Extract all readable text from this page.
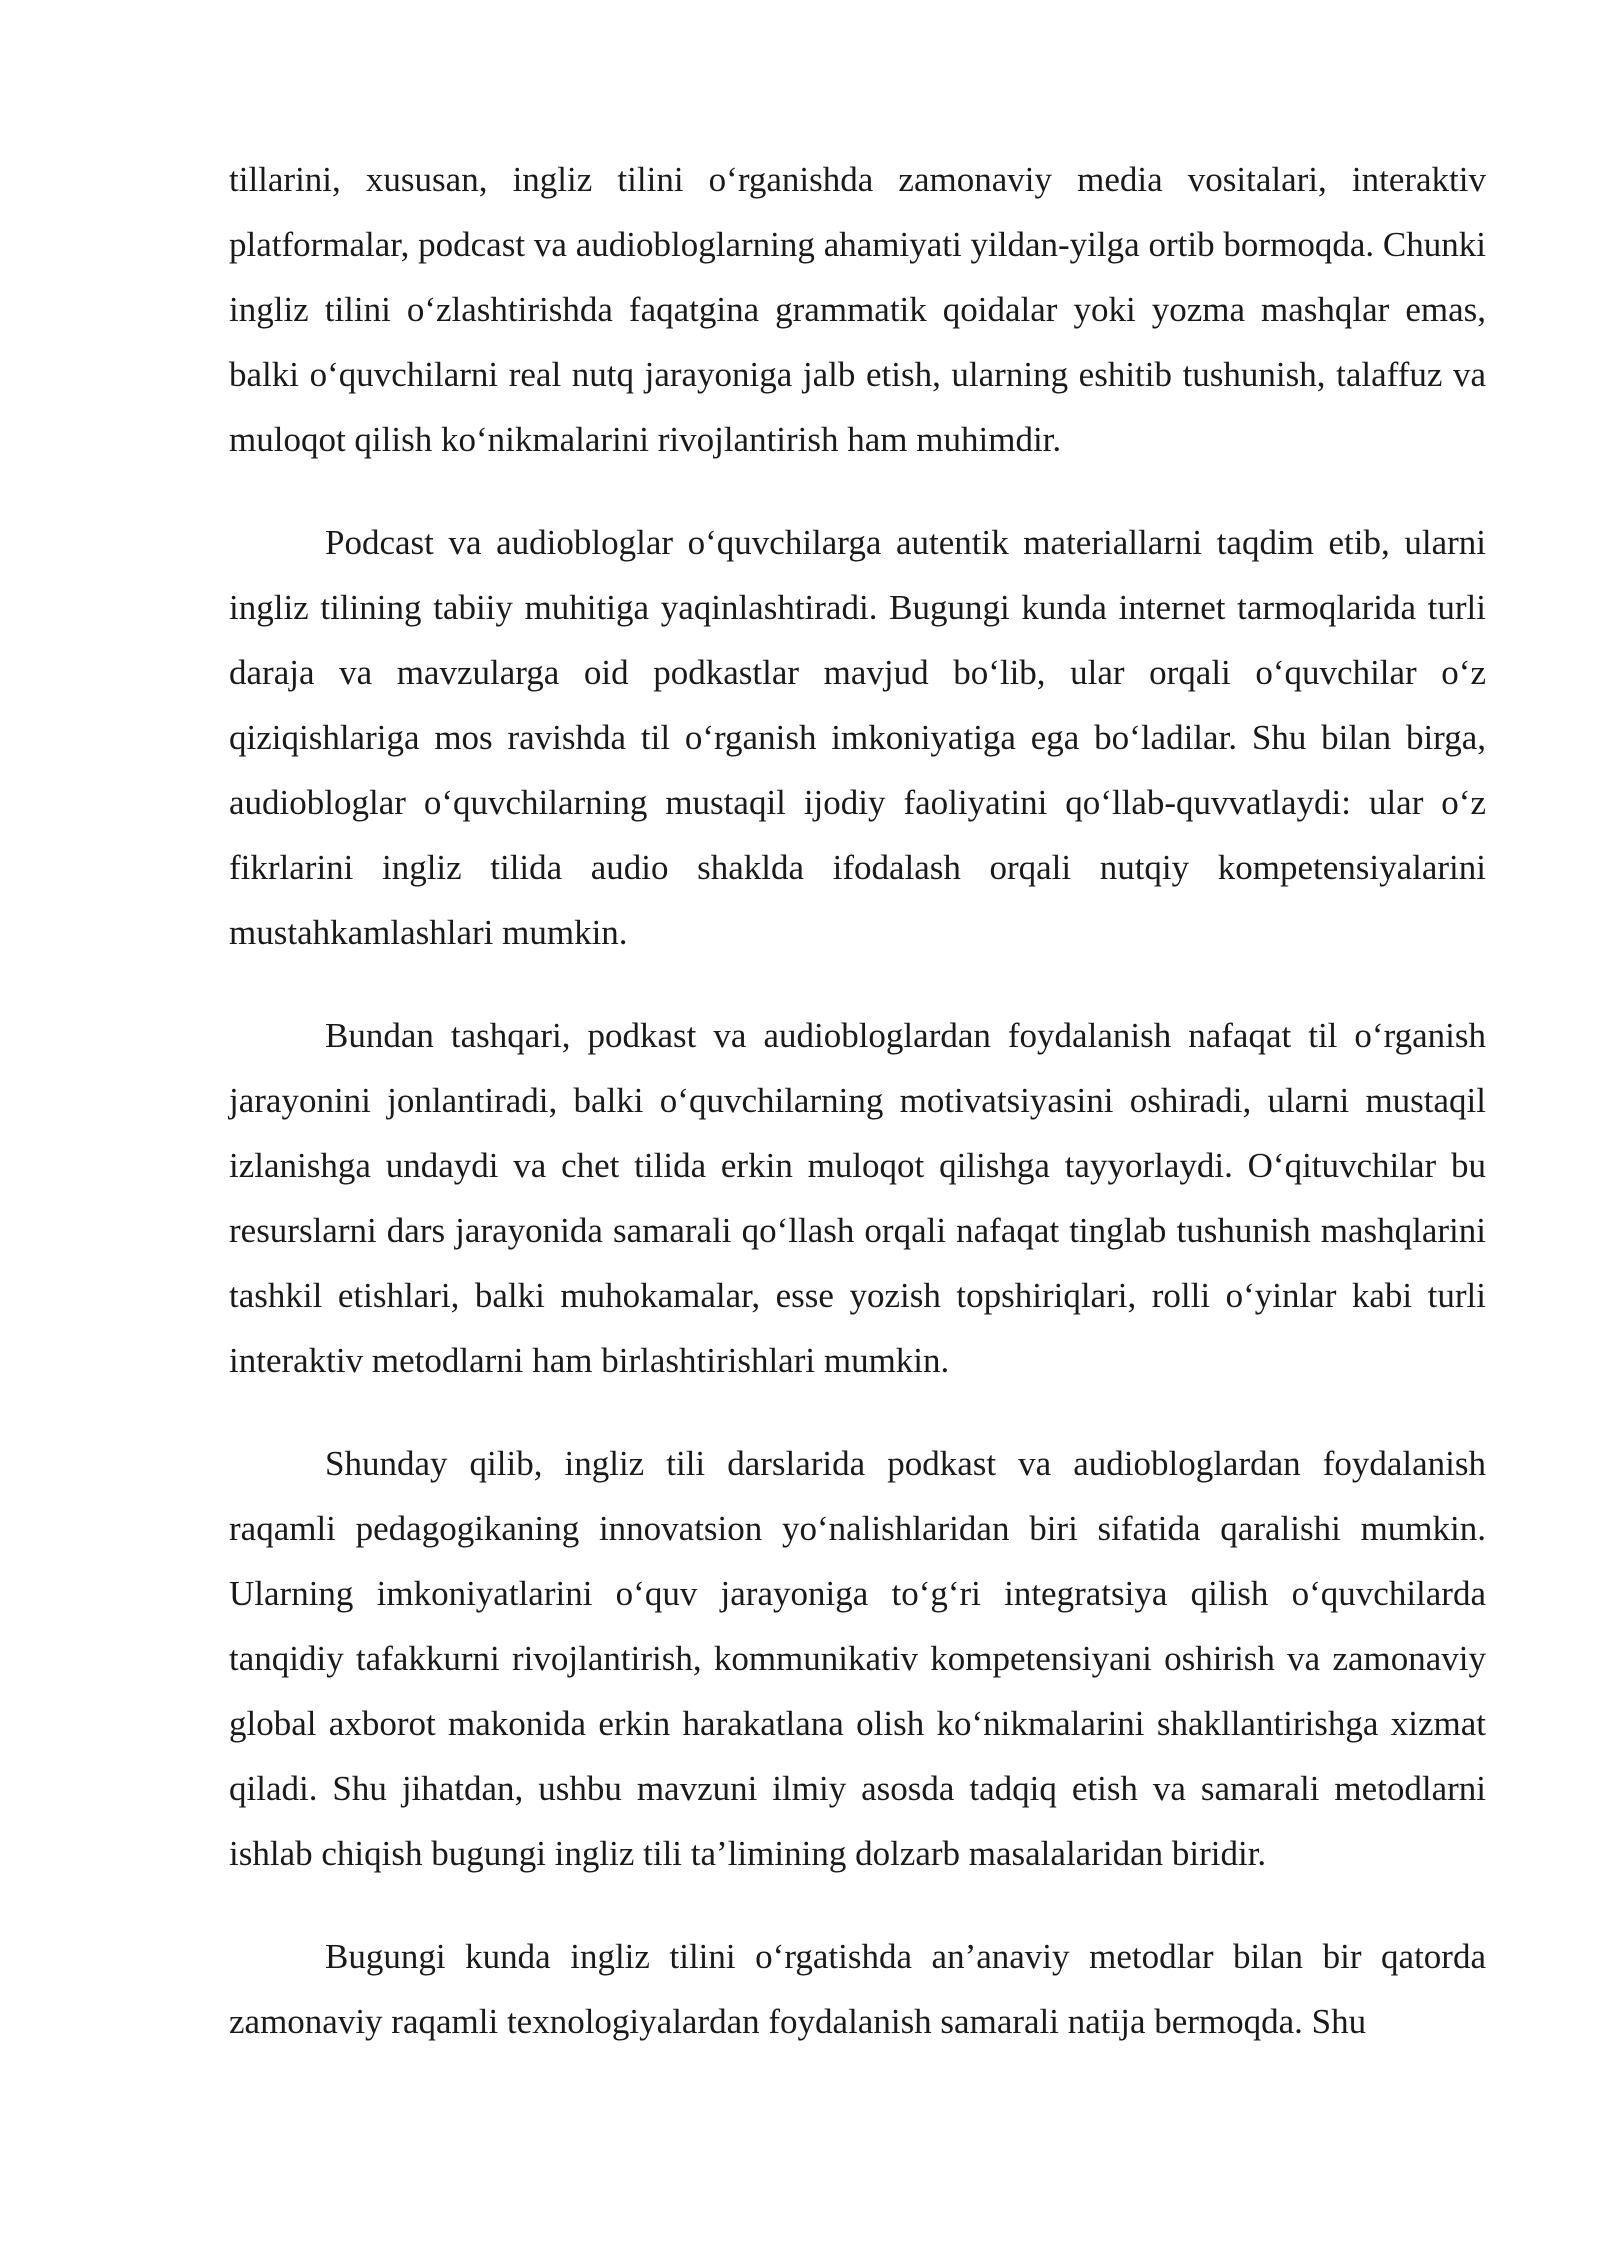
tillarini, xususan, ingliz tilini o‘rganishda zamonaviy media vositalari, interaktiv platformalar, podcast va audiobloglarning ahamiyati yildan-yilga ortib bormoqda. Chunki ingliz tilini o‘zlashtirishda faqatgina grammatik qoidalar yoki yozma mashqlar emas, balki o‘quvchilarni real nutq jarayoniga jalb etish, ularning eshitib tushunish, talaffuz va muloqot qilish ko‘nikmalarini rivojlantirish ham muhimdir.

Podcast va audiobloglar o‘quvchilarga autentik materiallarni taqdim etib, ularni ingliz tilining tabiiy muhitiga yaqinlashtiradi. Bugungi kunda internet tarmoqlarida turli daraja va mavzularga oid podkastlar mavjud bo‘lib, ular orqali o‘quvchilar o‘z qiziqishlariga mos ravishda til o‘rganish imkoniyatiga ega bo‘ladilar. Shu bilan birga, audiobloglar o‘quvchilarning mustaqil ijodiy faoliyatini qo‘llab-quvvatlaydi: ular o‘z fikrlarini ingliz tilida audio shaklda ifodalash orqali nutqiy kompetensiyalarini mustahkamlashlari mumkin.

Bundan tashqari, podkast va audiobloglardan foydalanish nafaqat til o‘rganish jarayonini jonlantiradi, balki o‘quvchilarning motivatsiyasini oshiradi, ularni mustaqil izlanishga undaydi va chet tilida erkin muloqot qilishga tayyorlaydi. O‘qituvchilar bu resurslarni dars jarayonida samarali qo‘llash orqali nafaqat tinglab tushunish mashqlarini tashkil etishlari, balki muhokamalar, esse yozish topshiriqlari, rolli o‘yinlar kabi turli interaktiv metodlarni ham birlashtirishlari mumkin.

Shunday qilib, ingliz tili darslarida podkast va audiobloglardan foydalanish raqamli pedagogikaning innovatsion yo‘nalishlaridan biri sifatida qaralishi mumkin. Ularning imkoniyatlarini o‘quv jarayoniga to‘g‘ri integratsiya qilish o‘quvchilarda tanqidiy tafakkurni rivojlantirish, kommunikativ kompetensiyani oshirish va zamonaviy global axborot makonida erkin harakatlana olish ko‘nikmalarini shakllantirishga xizmat qiladi. Shu jihatdan, ushbu mavzuni ilmiy asosda tadqiq etish va samarali metodlarni ishlab chiqish bugungi ingliz tili ta’limining dolzarb masalalaridan biridir.

Bugungi kunda ingliz tilini o‘rgatishda an’anaviy metodlar bilan bir qatorda zamonaviy raqamli texnologiyalardan foydalanish samarali natija bermoqda. Shu
